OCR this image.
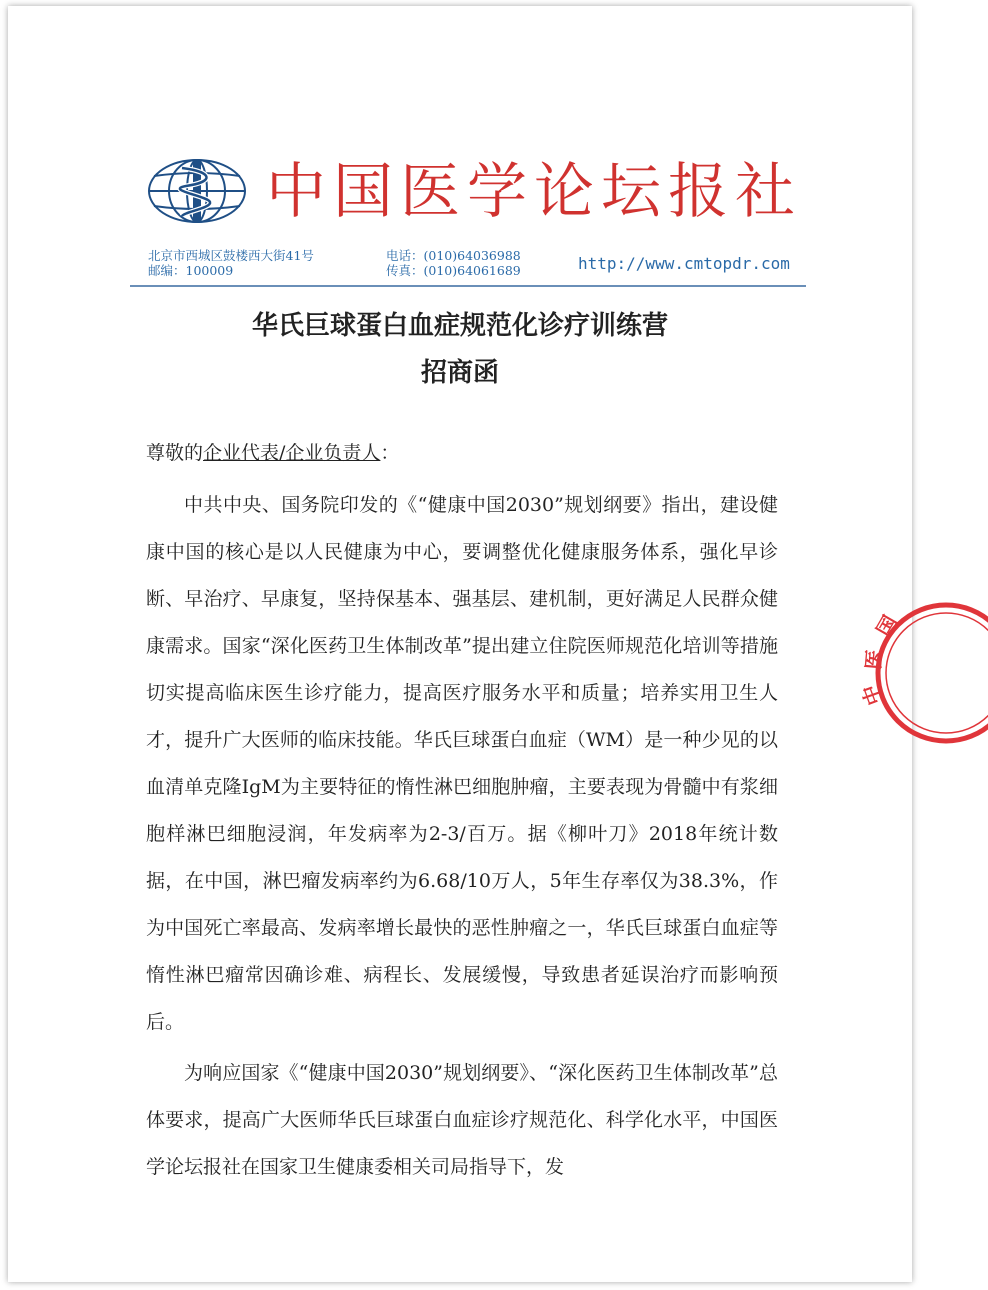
中国医学论坛报社
北京市西城区鼓楼西大街41号
邮编：100009
电话：(010)64036988
传真：(010)64061689	http://www.cmtopdr.com
华氏巨球蛋白血症规范化诊疗训练营
招商函
尊敬的企业代表/企业负责人：

中共中央、国务院印发的《“健康中国2030”规划纲要》指出，建设健康中国的核心是以人民健康为中心，要调整优化健康服务体系，强化早诊断、早治疗、早康复，坚持保基本、强基层、建机制，更好满足人民群众健康需求。国家“深化医药卫生体制改革”提出建立住院医师规范化培训等措施切实提高临床医生诊疗能力，提高医疗服务水平和质量；培养实用卫生人才，提升广大医师的临床技能。华氏巨球蛋白血症（WM）是一种少见的以血清单克隆IgM为主要特征的惰性淋巴细胞肿瘤，主要表现为骨髓中有浆细胞样淋巴细胞浸润，年发病率为2-3/百万。据《柳叶刀》2018年统计数据，在中国，淋巴瘤发病率约为6.68/10万人，5年生存率仅为38.3%，作为中国死亡率最高、发病率增长最快的恶性肿瘤之一，华氏巨球蛋白血症等惰性淋巴瘤常因确诊难、病程长、发展缓慢，导致患者延误治疗而影响预后。

为响应国家《“健康中国2030”规划纲要》、“深化医药卫生体制改革”总体要求，提高广大医师华氏巨球蛋白血症诊疗规范化、科学化水平，中国医学论坛报社在国家卫生健康委相关司局指导下，发

国
医
中
